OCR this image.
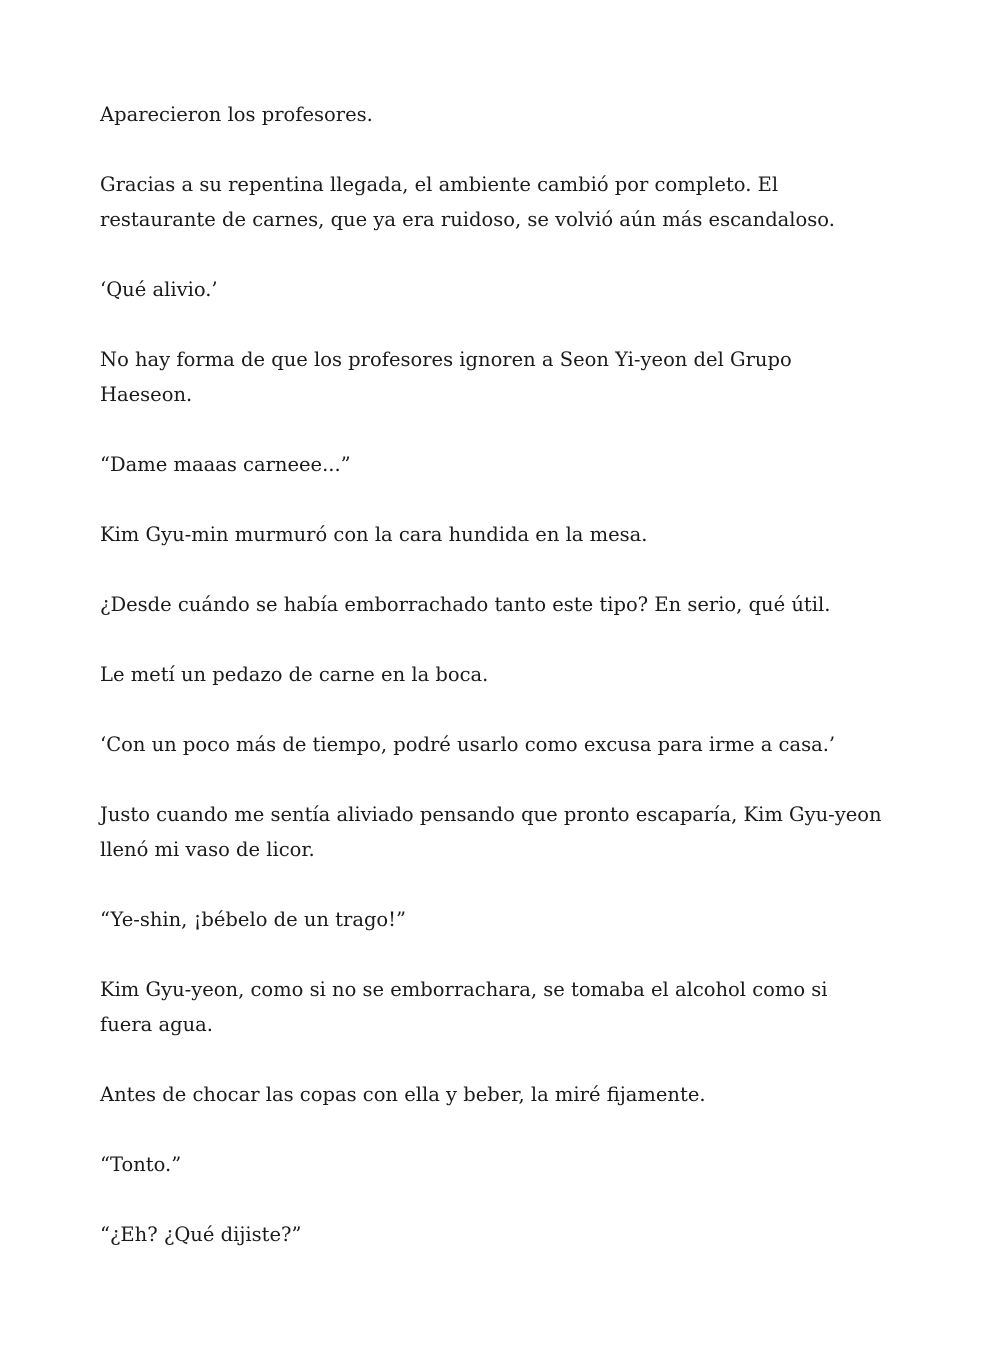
Aparecieron los profesores.

Gracias a su repentina llegada, el ambiente cambió por completo. El
restaurante de carnes, que ya era ruidoso, se volvió aún más escandaloso.

‘Qué alivio.’

No hay forma de que los profesores ignoren a Seon Yi-yeon del Grupo
Haeseon.

“Dame maaas carneee...”

Kim Gyu-min murmuró con la cara hundida en la mesa.

¿Desde cuándo se había emborrachado tanto este tipo? En serio, qué útil.

Le metí un pedazo de carne en la boca.

‘Con un poco más de tiempo, podré usarlo como excusa para irme a casa.’

Justo cuando me sentía aliviado pensando que pronto escaparía, Kim Gyu-yeon
llenó mi vaso de licor.

“Ye-shin, ¡bébelo de un trago!”

Kim Gyu-yeon, como si no se emborrachara, se tomaba el alcohol como si
fuera agua.

Antes de chocar las copas con ella y beber, la miré fijamente.

“Tonto.”

“¿Eh? ¿Qué dijiste?”
